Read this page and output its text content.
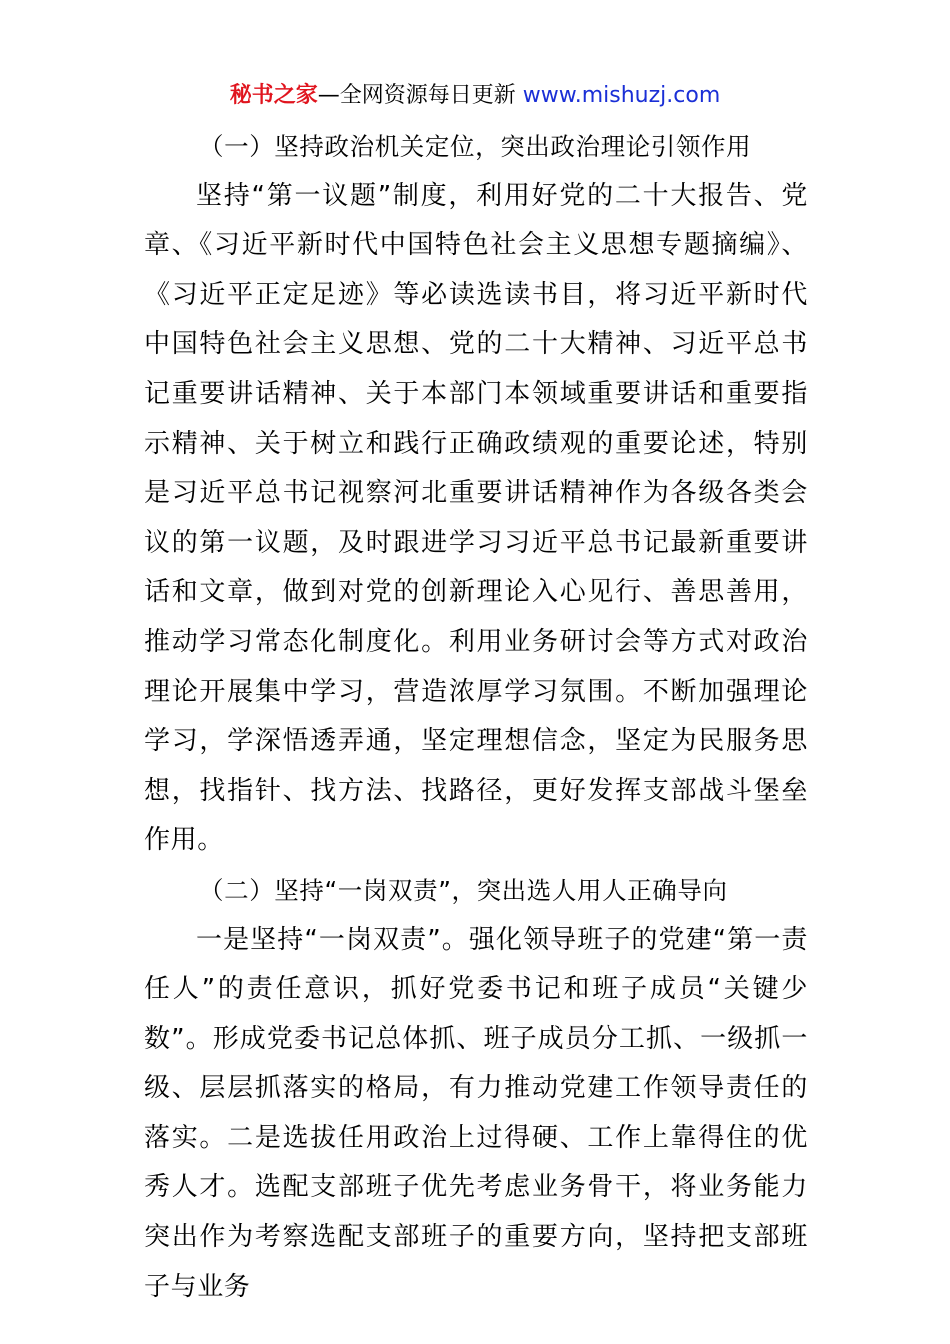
秘书之家—全网资源每日更新 www.mishuzj.com

（一）坚持政治机关定位，突出政治理论引领作用

坚持“第一议题”制度，利用好党的二十大报告、党章、《习近平新时代中国特色社会主义思想专题摘编》、《习近平正定足迹》等必读选读书目，将习近平新时代中国特色社会主义思想、党的二十大精神、习近平总书记重要讲话精神、关于本部门本领域重要讲话和重要指示精神、关于树立和践行正确政绩观的重要论述，特别是习近平总书记视察河北重要讲话精神作为各级各类会议的第一议题，及时跟进学习习近平总书记最新重要讲话和文章，做到对党的创新理论入心见行、善思善用，推动学习常态化制度化。利用业务研讨会等方式对政治理论开展集中学习，营造浓厚学习氛围。不断加强理论学习，学深悟透弄通，坚定理想信念，坚定为民服务思想，找指针、找方法、找路径，更好发挥支部战斗堡垒作用。

（二）坚持“一岗双责”，突出选人用人正确导向

一是坚持“一岗双责”。强化领导班子的党建“第一责任人”的责任意识，抓好党委书记和班子成员“关键少数”。形成党委书记总体抓、班子成员分工抓、一级抓一级、层层抓落实的格局，有力推动党建工作领导责任的落实。二是选拔任用政治上过得硬、工作上靠得住的优秀人才。选配支部班子优先考虑业务骨干，将业务能力突出作为考察选配支部班子的重要方向，坚持把支部班子与业务
